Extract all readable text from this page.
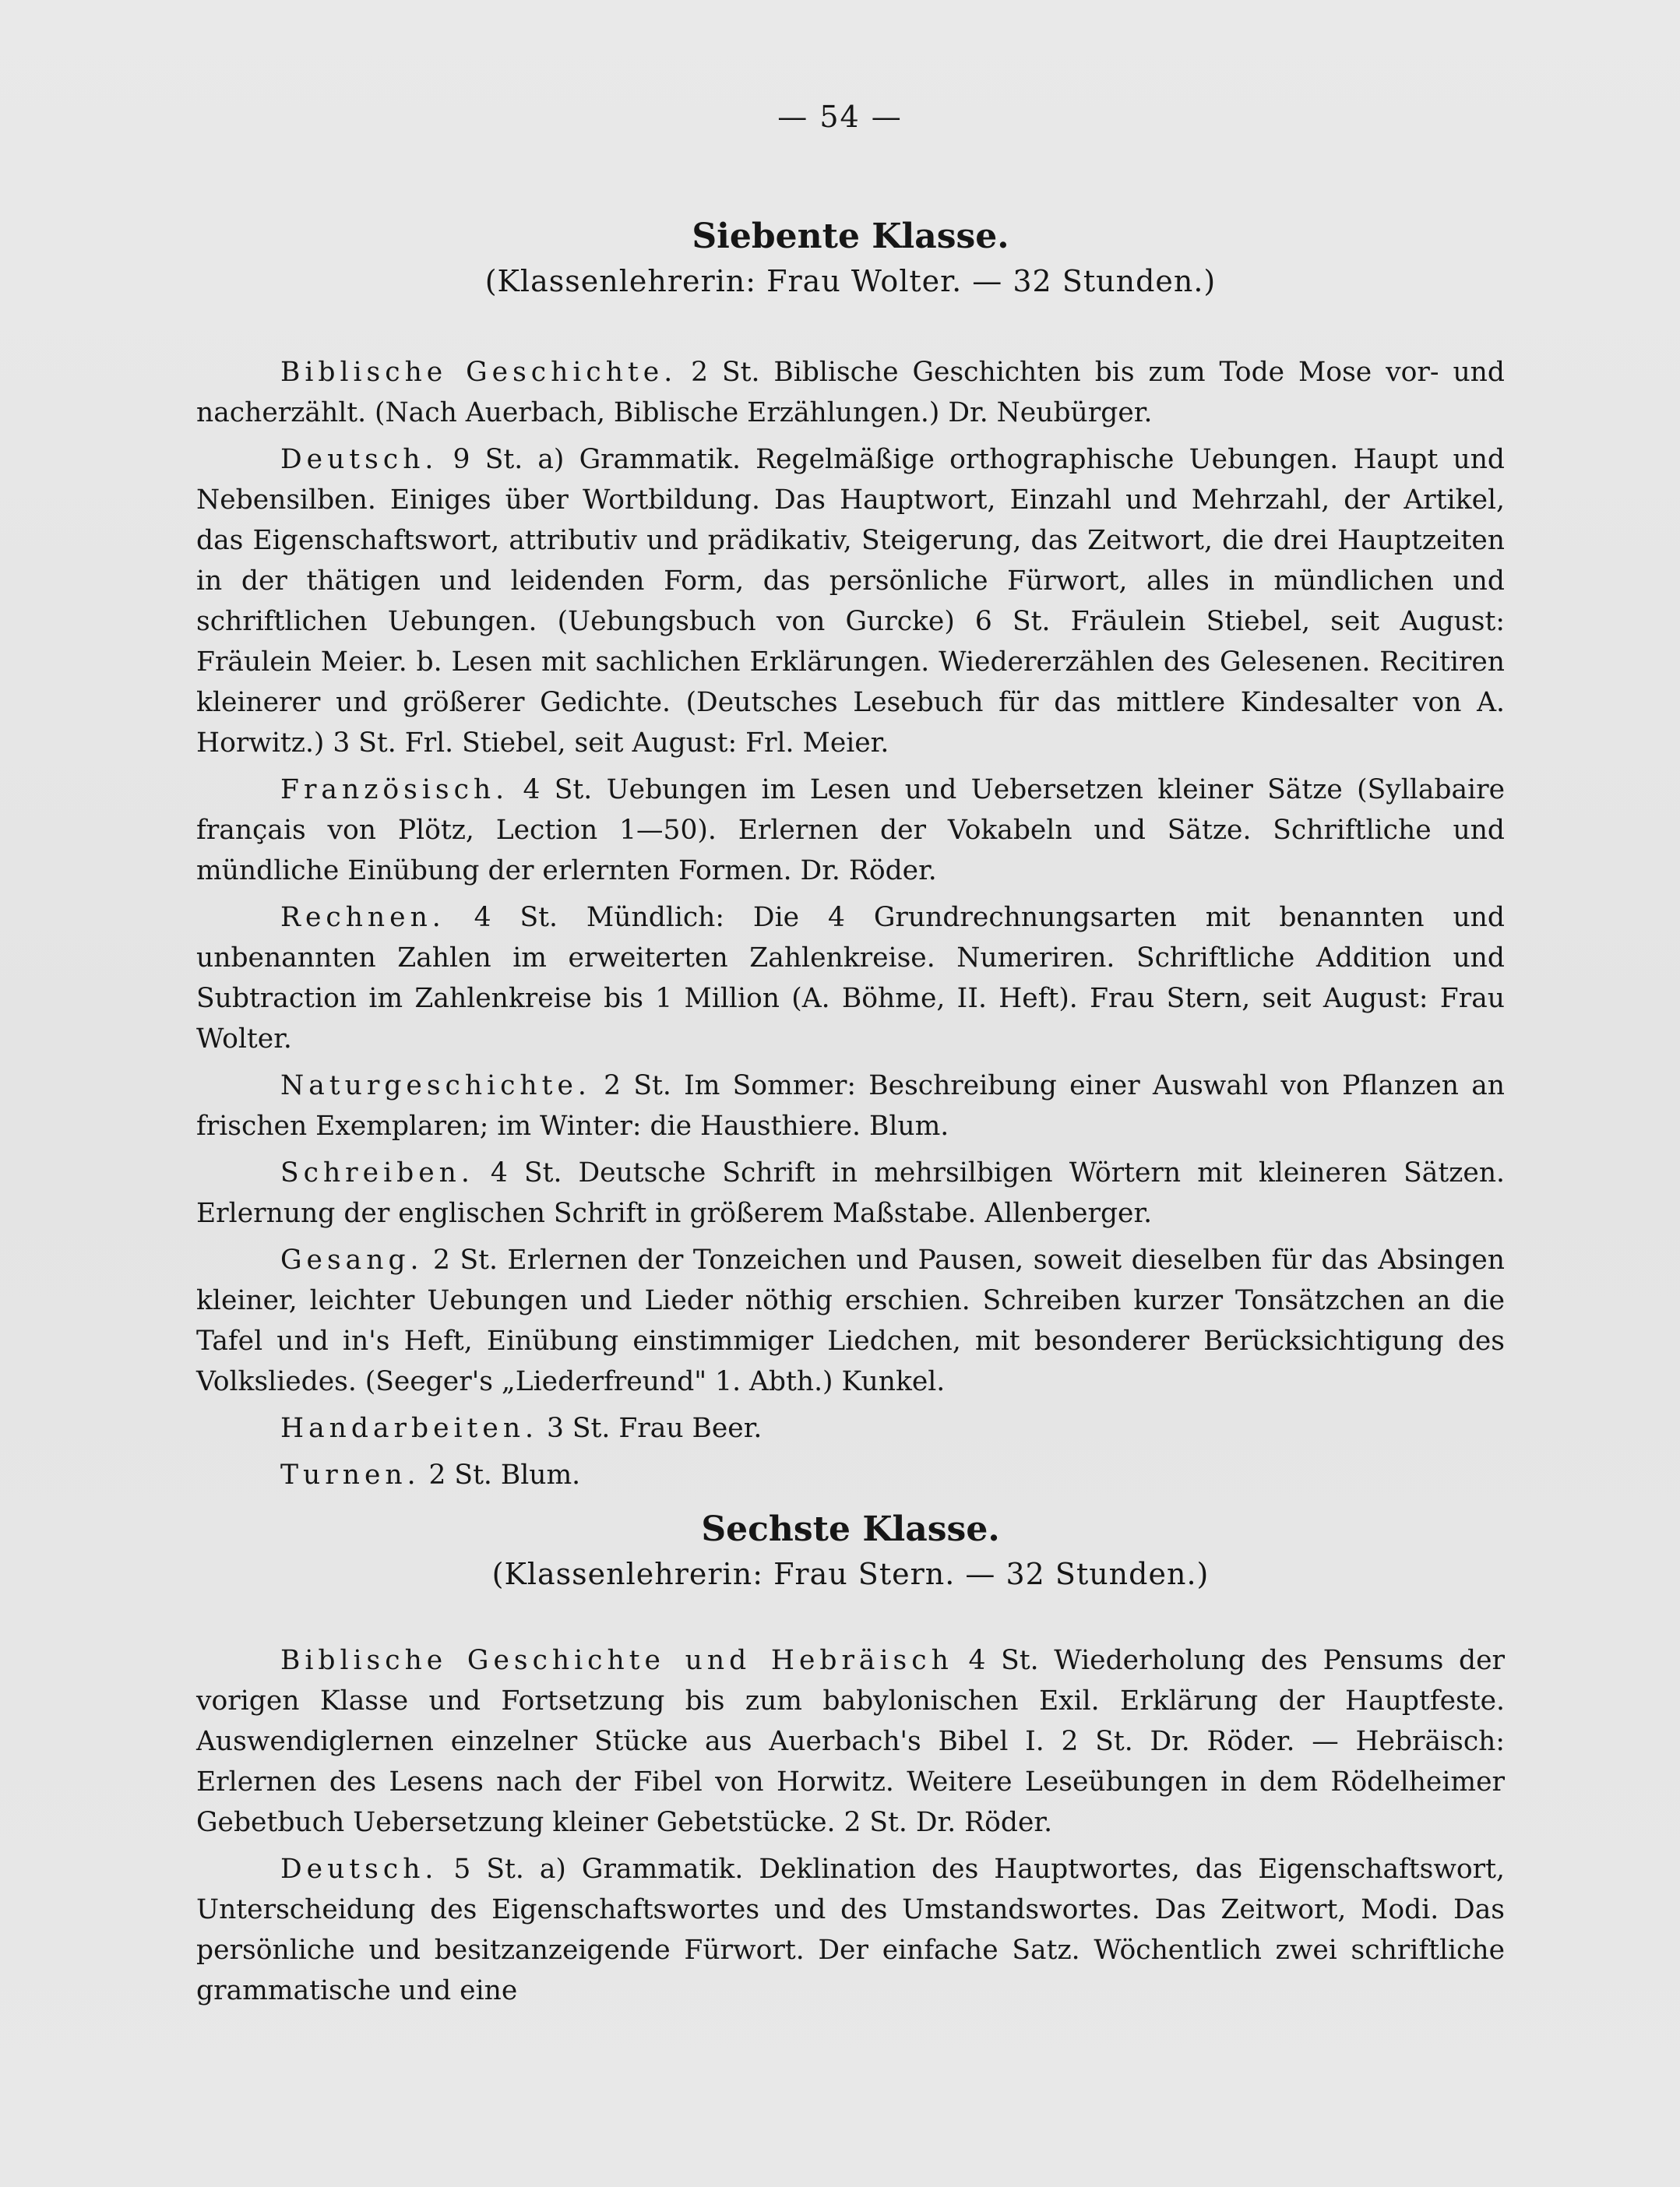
— 54 —
Siebente Klasse.
(Klassenlehrerin: Frau Wolter. — 32 Stunden.)

Biblische Geschichte. 2 St. Biblische Geschichten bis zum Tode Mose vor- und nacherzählt. (Nach Auerbach, Biblische Erzählungen.) Dr. Neubürger.

Deutsch. 9 St. a) Grammatik. Regelmäßige orthographische Uebungen. Haupt und Nebensilben. Einiges über Wortbildung. Das Hauptwort, Einzahl und Mehrzahl, der Artikel, das Eigenschaftswort, attributiv und prädikativ, Steigerung, das Zeitwort, die drei Hauptzeiten in der thätigen und leidenden Form, das persönliche Fürwort, alles in mündlichen und schriftlichen Uebungen. (Uebungsbuch von Gurcke) 6 St. Fräulein Stiebel, seit August: Fräulein Meier. b. Lesen mit sachlichen Erklärungen. Wiedererzählen des Gelesenen. Recitiren kleinerer und größerer Gedichte. (Deutsches Lesebuch für das mittlere Kindesalter von A. Horwitz.) 3 St. Frl. Stiebel, seit August: Frl. Meier.

Französisch. 4 St. Uebungen im Lesen und Uebersetzen kleiner Sätze (Syllabaire français von Plötz, Lection 1—50). Erlernen der Vokabeln und Sätze. Schriftliche und mündliche Einübung der erlernten Formen. Dr. Röder.

Rechnen. 4 St. Mündlich: Die 4 Grundrechnungsarten mit benannten und unbenannten Zahlen im erweiterten Zahlenkreise. Numeriren. Schriftliche Addition und Subtraction im Zahlenkreise bis 1 Million (A. Böhme, II. Heft). Frau Stern, seit August: Frau Wolter.

Naturgeschichte. 2 St. Im Sommer: Beschreibung einer Auswahl von Pflanzen an frischen Exemplaren; im Winter: die Hausthiere. Blum.

Schreiben. 4 St. Deutsche Schrift in mehrsilbigen Wörtern mit kleineren Sätzen. Erlernung der englischen Schrift in größerem Maßstabe. Allenberger.

Gesang. 2 St. Erlernen der Tonzeichen und Pausen, soweit dieselben für das Absingen kleiner, leichter Uebungen und Lieder nöthig erschien. Schreiben kurzer Tonsätzchen an die Tafel und in's Heft, Einübung einstimmiger Liedchen, mit besonderer Berücksichtigung des Volksliedes. (Seeger's „Liederfreund" 1. Abth.) Kunkel.

Handarbeiten. 3 St. Frau Beer.

Turnen. 2 St. Blum.

Sechste Klasse.
(Klassenlehrerin: Frau Stern. — 32 Stunden.)

Biblische Geschichte und Hebräisch 4 St. Wiederholung des Pensums der vorigen Klasse und Fortsetzung bis zum babylonischen Exil. Erklärung der Hauptfeste. Auswendiglernen einzelner Stücke aus Auerbach's Bibel I. 2 St. Dr. Röder. — Hebräisch: Erlernen des Lesens nach der Fibel von Horwitz. Weitere Leseübungen in dem Rödelheimer Gebetbuch Uebersetzung kleiner Gebetstücke. 2 St. Dr. Röder.

Deutsch. 5 St. a) Grammatik. Deklination des Hauptwortes, das Eigenschaftswort, Unterscheidung des Eigenschaftswortes und des Umstandswortes. Das Zeitwort, Modi. Das persönliche und besitzanzeigende Fürwort. Der einfache Satz. Wöchentlich zwei schriftliche grammatische und eine
